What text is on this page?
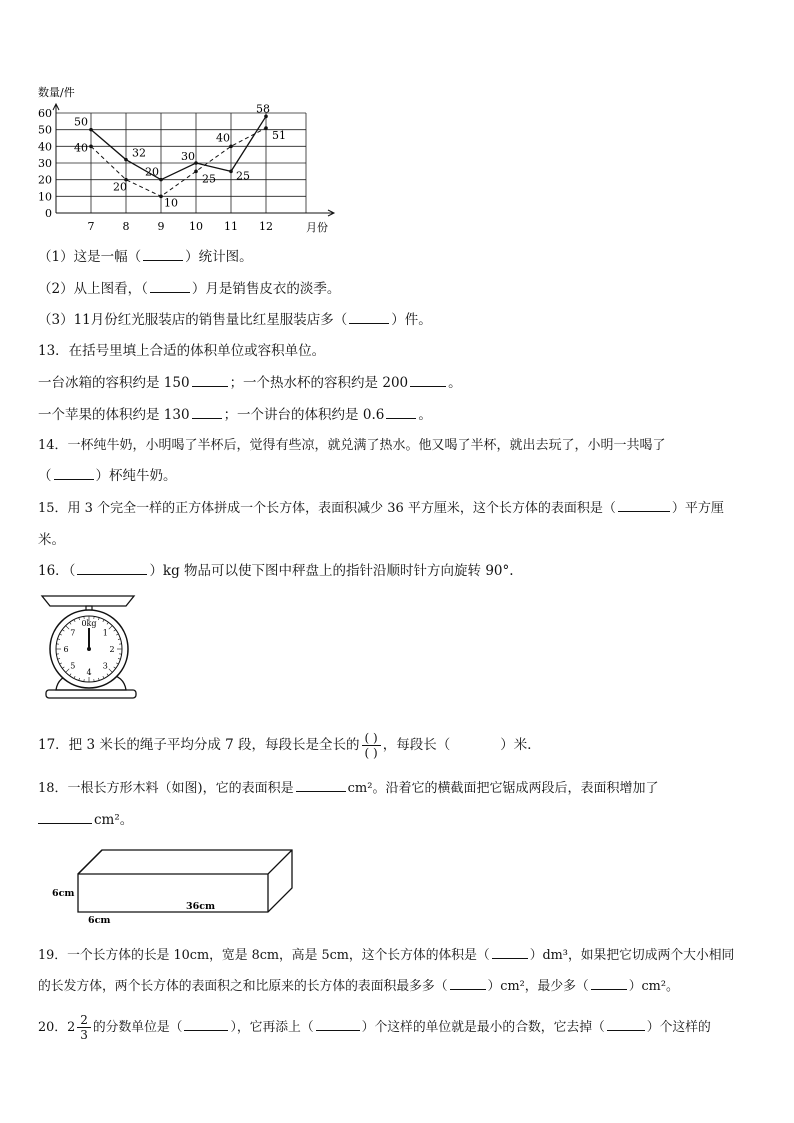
数量/件
月份
0
10
20
30
40
50
60
7	8	9 10 11 12
50
32
20
30
25
58
40
20
10
25
40	51
（1）这是一幅（	）统计图。
（2）从上图看，（	）月是销售皮衣的淡季。
（3）11月份红光服装店的销售量比红星服装店多（	）件。
13．在括号里填上合适的体积单位或容积单位。
一台冰箱的容积约是 150	；一个热水杯的容积约是 200	。
一个苹果的体积约是 130	；一个讲台的体积约是 0.6	。
14．一杯纯牛奶，小明喝了半杯后，觉得有些凉，就兑满了热水。他又喝了半杯，就出去玩了，小明一共喝了
（	）杯纯牛奶。
15．用 3 个完全一样的正方体拼成一个长方体，表面积减少 36 平方厘米，这个长方体的表面积是（	）平方厘
米。
16．（	）kg 物品可以使下图中秤盘上的指针沿顺时针方向旋转 90°.
0kg
1
2
3
4
5
6
7
17．把 3 米长的绳子平均分成 7 段，每段长是全长的 $\frac{( )}{( )}$ ，每段长（	）米．
18．一根长方形木料（如图)，它的表面积是	cm²。沿着它的横截面把它锯成两段后，表面积增加了
cm²。
6cm
6cm
36cm
19．一个长方体的长是 10cm，宽是 8cm，高是 5cm，这个长方体的体积是（	）dm³，如果把它切成两个大小相同
的长发方体，两个长方体的表面积之和比原来的长方体的表面积最多多（	）cm²，最少多（	）cm²。
20．$2 \frac{2}{3}$ 的分数单位是（	），它再添上（	）个这样的单位就是最小的合数，它去掉（	）个这样的
